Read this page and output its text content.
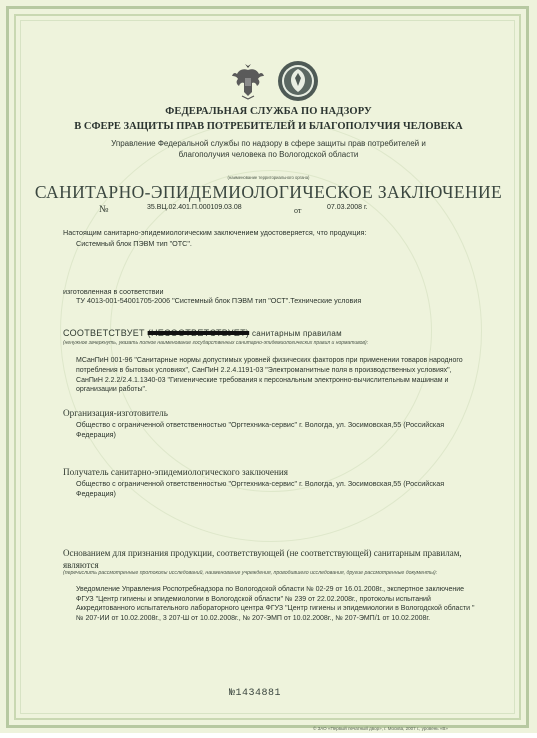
ФЕДЕРАЛЬНАЯ СЛУЖБА ПО НАДЗОРУ
В СФЕРЕ ЗАЩИТЫ ПРАВ ПОТРЕБИТЕЛЕЙ И БЛАГОПОЛУЧИЯ ЧЕЛОВЕКА
Управление Федеральной службы по надзору в сфере защиты прав потребителей и благополучия человека по Вологодской области
(наименование территориального органа)
САНИТАРНО-ЭПИДЕМИОЛОГИЧЕСКОЕ ЗАКЛЮЧЕНИЕ
№	35.ВЦ.02.401.П.000109.03.08	от	07.03.2008 г.
Настоящим санитарно-эпидемиологическим заключением удостоверяется, что продукция:
Системный блок ПЭВМ тип "ОТС".
изготовленная в соответствии
ТУ 4013-001-54001705-2006 "Системный блок ПЭВМ тип "ОСТ".Технические условия
СООТВЕТСТВУЕТ (НЕСООТВЕТСТВУЕТ) санитарным правилам
(ненужное зачеркнуть, указать полное наименование государственных санитарно-эпидемиологических правил и нормативов):
МСанПиН 001-96 "Санитарные нормы допустимых уровней физических факторов при применении товаров народного потребления в бытовых условиях", СанПиН 2.2.4.1191-03 "Электромагнитные поля в производственных условиях", СанПиН 2.2.2/2.4.1.1340-03 "Гигиенические требования к персональным электронно-вычислительным машинам и организации работы".
Организация-изготовитель
Общество с ограниченной ответственностью "Оргтехника-сервис" г. Вологда, ул. Зосимовская,55 (Российская Федерация)
Получатель санитарно-эпидемиологического заключения
Общество с ограниченной ответственностью "Оргтехника-сервис" г. Вологда, ул. Зосимовская,55 (Российская Федерация)
Основанием для признания продукции, соответствующей (не соответствующей) санитарным правилам, являются
(перечислить рассмотренные протоколы исследований, наименование учреждения, проводившего исследования, другие рассмотренные документы):
Уведомление Управления Роспотребнадзора по Вологодской области № 02-29 от 16.01.2008г., экспертное заключение ФГУЗ "Центр гигиены и эпидемиологии в Вологодской области" № 239 от 22.02.2008г., протоколы испытаний Аккредитованного испытательного лабораторного центра ФГУЗ "Центр гигиены и эпидемиологии в Вологодской области " № 207-ИИ от 10.02.2008г., 3 207-Ш от 10.02.2008г., № 207-ЭМП от 10.02.2008г., № 207-ЭМП/1 от 10.02.2008г.
№1434881
© ЗАО «Первый печатный двор», г. Москва, 2007 г., уровень «В»
